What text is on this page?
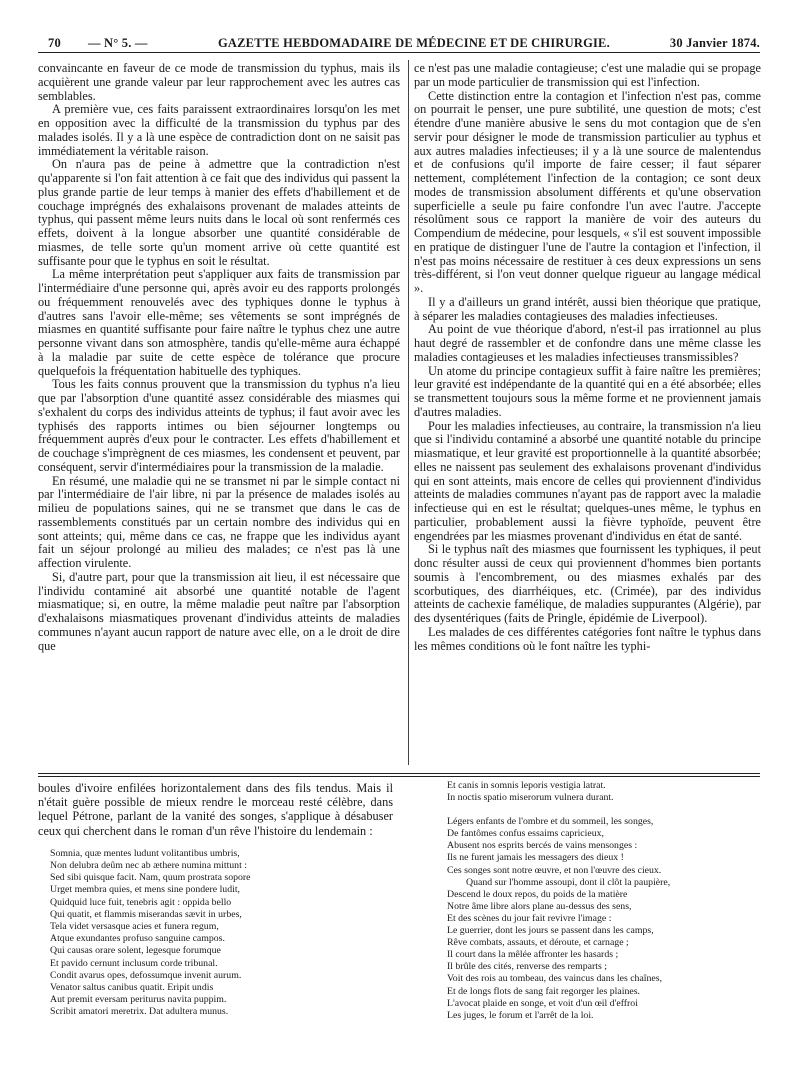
70 — N° 5. —	GAZETTE HEBDOMADAIRE DE MÉDECINE ET DE CHIRURGIE.	30 Janvier 1874.

convaincante en faveur de ce mode de transmission du typhus, mais ils acquièrent une grande valeur par leur rapprochement avec les autres cas semblables.

A première vue, ces faits paraissent extraordinaires lorsqu'on les met en opposition avec la difficulté de la transmission du typhus par des malades isolés. Il y a là une espèce de contradiction dont on ne saisit pas immédiatement la véritable raison.

On n'aura pas de peine à admettre que la contradiction n'est qu'apparente si l'on fait attention à ce fait que des individus qui passent la plus grande partie de leur temps à manier des effets d'habillement et de couchage imprégnés des exhalaisons provenant de malades atteints de typhus, qui passent même leurs nuits dans le local où sont renfermés ces effets, doivent à la longue absorber une quantité considérable de miasmes, de telle sorte qu'un moment arrive où cette quantité est suffisante pour que le typhus en soit le résultat.

La même interprétation peut s'appliquer aux faits de transmission par l'intermédiaire d'une personne qui, après avoir eu des rapports prolongés ou fréquemment renouvelés avec des typhiques donne le typhus à d'autres sans l'avoir elle-même; ses vêtements se sont imprégnés de miasmes en quantité suffisante pour faire naître le typhus chez une autre personne vivant dans son atmosphère, tandis qu'elle-même aura échappé à la maladie par suite de cette espèce de tolérance que procure quelquefois la fréquentation habituelle des typhiques.

Tous les faits connus prouvent que la transmission du typhus n'a lieu que par l'absorption d'une quantité assez considérable des miasmes qui s'exhalent du corps des individus atteints de typhus; il faut avoir avec les typhisés des rapports intimes ou bien séjourner longtemps ou fréquemment auprès d'eux pour le contracter. Les effets d'habillement et de couchage s'imprègnent de ces miasmes, les condensent et peuvent, par conséquent, servir d'intermédiaires pour la transmission de la maladie.

En résumé, une maladie qui ne se transmet ni par le simple contact ni par l'intermédiaire de l'air libre, ni par la présence de malades isolés au milieu de populations saines, qui ne se transmet que dans le cas de rassemblements constitués par un certain nombre des individus qui en sont atteints; qui, même dans ce cas, ne frappe que les individus ayant fait un séjour prolongé au milieu des malades; ce n'est pas là une affection virulente.

Si, d'autre part, pour que la transmission ait lieu, il est nécessaire que l'individu contaminé ait absorbé une quantité notable de l'agent miasmatique; si, en outre, la même maladie peut naître par l'absorption d'exhalaisons miasmatiques provenant d'individus atteints de maladies communes n'ayant aucun rapport de nature avec elle, on a le droit de dire que

ce n'est pas une maladie contagieuse; c'est une maladie qui se propage par un mode particulier de transmission qui est l'infection.

Cette distinction entre la contagion et l'infection n'est pas, comme on pourrait le penser, une pure subtilité, une question de mots; c'est étendre d'une manière abusive le sens du mot contagion que de s'en servir pour désigner le mode de transmission particulier au typhus et aux autres maladies infectieuses; il y a là une source de malentendus et de confusions qu'il importe de faire cesser; il faut séparer nettement, complétement l'infection de la contagion; ce sont deux modes de transmission absolument différents et qu'une observation superficielle a seule pu faire confondre l'un avec l'autre. J'accepte résolûment sous ce rapport la manière de voir des auteurs du Compendium de médecine, pour lesquels, « s'il est souvent impossible en pratique de distinguer l'une de l'autre la contagion et l'infection, il n'est pas moins nécessaire de restituer à ces deux expressions un sens très-différent, si l'on veut donner quelque rigueur au langage médical ».

Il y a d'ailleurs un grand intérêt, aussi bien théorique que pratique, à séparer les maladies contagieuses des maladies infectieuses.

Au point de vue théorique d'abord, n'est-il pas irrationnel au plus haut degré de rassembler et de confondre dans une même classe les maladies contagieuses et les maladies infectieuses transmissibles?

Un atome du principe contagieux suffit à faire naître les premières; leur gravité est indépendante de la quantité qui en a été absorbée; elles se transmettent toujours sous la même forme et ne proviennent jamais d'autres maladies.

Pour les maladies infectieuses, au contraire, la transmission n'a lieu que si l'individu contaminé a absorbé une quantité notable du principe miasmatique, et leur gravité est proportionnelle à la quantité absorbée; elles ne naissent pas seulement des exhalaisons provenant d'individus qui en sont atteints, mais encore de celles qui proviennent d'individus atteints de maladies communes n'ayant pas de rapport avec la maladie infectieuse qui en est le résultat; quelques-unes même, le typhus en particulier, probablement aussi la fièvre typhoïde, peuvent être engendrées par les miasmes provenant d'individus en état de santé.

Si le typhus naît des miasmes que fournissent les typhiques, il peut donc résulter aussi de ceux qui proviennent d'hommes bien portants soumis à l'encombrement, ou des miasmes exhalés par des scorbutiques, des diarrhéiques, etc. (Crimée), par des individus atteints de cachexie famélique, de maladies suppurantes (Algérie), par des dysentériques (faits de Pringle, épidémie de Liverpool).

Les malades de ces différentes catégories font naître le typhus dans les mêmes conditions où le font naître les typhi-

boules d'ivoire enfilées horizontalement dans des fils tendus. Mais il n'était guère possible de mieux rendre le morceau resté célèbre, dans lequel Pétrone, parlant de la vanité des songes, s'applique à désabuser ceux qui cherchent dans le roman d'un rêve l'histoire du lendemain :

Somnia, quæ mentes ludunt volitantibus umbris,
Non delubra deûm nec ab æthere numina mittunt :
Sed sibi quisque facit. Nam, quum prostrata sopore
Urget membra quies, et mens sine pondere ludit,
Quidquid luce fuit, tenebris agit : oppida bello
Qui quatit, et flammis miserandas sævit in urbes,
Tela videt versasque acies et funera regum,
Atque exundantes profuso sanguine campos.
Qui causas orare solent, legesque forumque
Et pavido cernunt inclusum corde tribunal.
Condit avarus opes, defossumque invenit aurum.
Venator saltus canibus quatit. Eripit undis
Aut premit eversam periturus navita puppim.
Scribit amatori meretrix. Dat adultera munus.
Et canis in somnis leporis vestigia latrat.
In noctis spatio miserorum vulnera durant.
Légers enfants de l'ombre et du sommeil, les songes,
De fantômes confus essaims capricieux,
Abusent nos esprits bercés de vains mensonges :
Ils ne furent jamais les messagers des dieux !
Ces songes sont notre œuvre, et non l'œuvre des cieux.
Quand sur l'homme assoupi, dont il clôt la paupière,
Descend le doux repos, du poids de la matière
Notre âme libre alors plane au-dessus des sens,
Et des scènes du jour fait revivre l'image :
Le guerrier, dont les jours se passent dans les camps,
Rêve combats, assauts, et déroute, et carnage ;
Il court dans la mêlée affronter les hasards ;
Il brûle des cités, renverse des remparts ;
Voit des rois au tombeau, des vaincus dans les chaînes,
Et de longs flots de sang fait regorger les plaines.
L'avocat plaide en songe, et voit d'un œil d'effroi
Les juges, le forum et l'arrêt de la loi.
